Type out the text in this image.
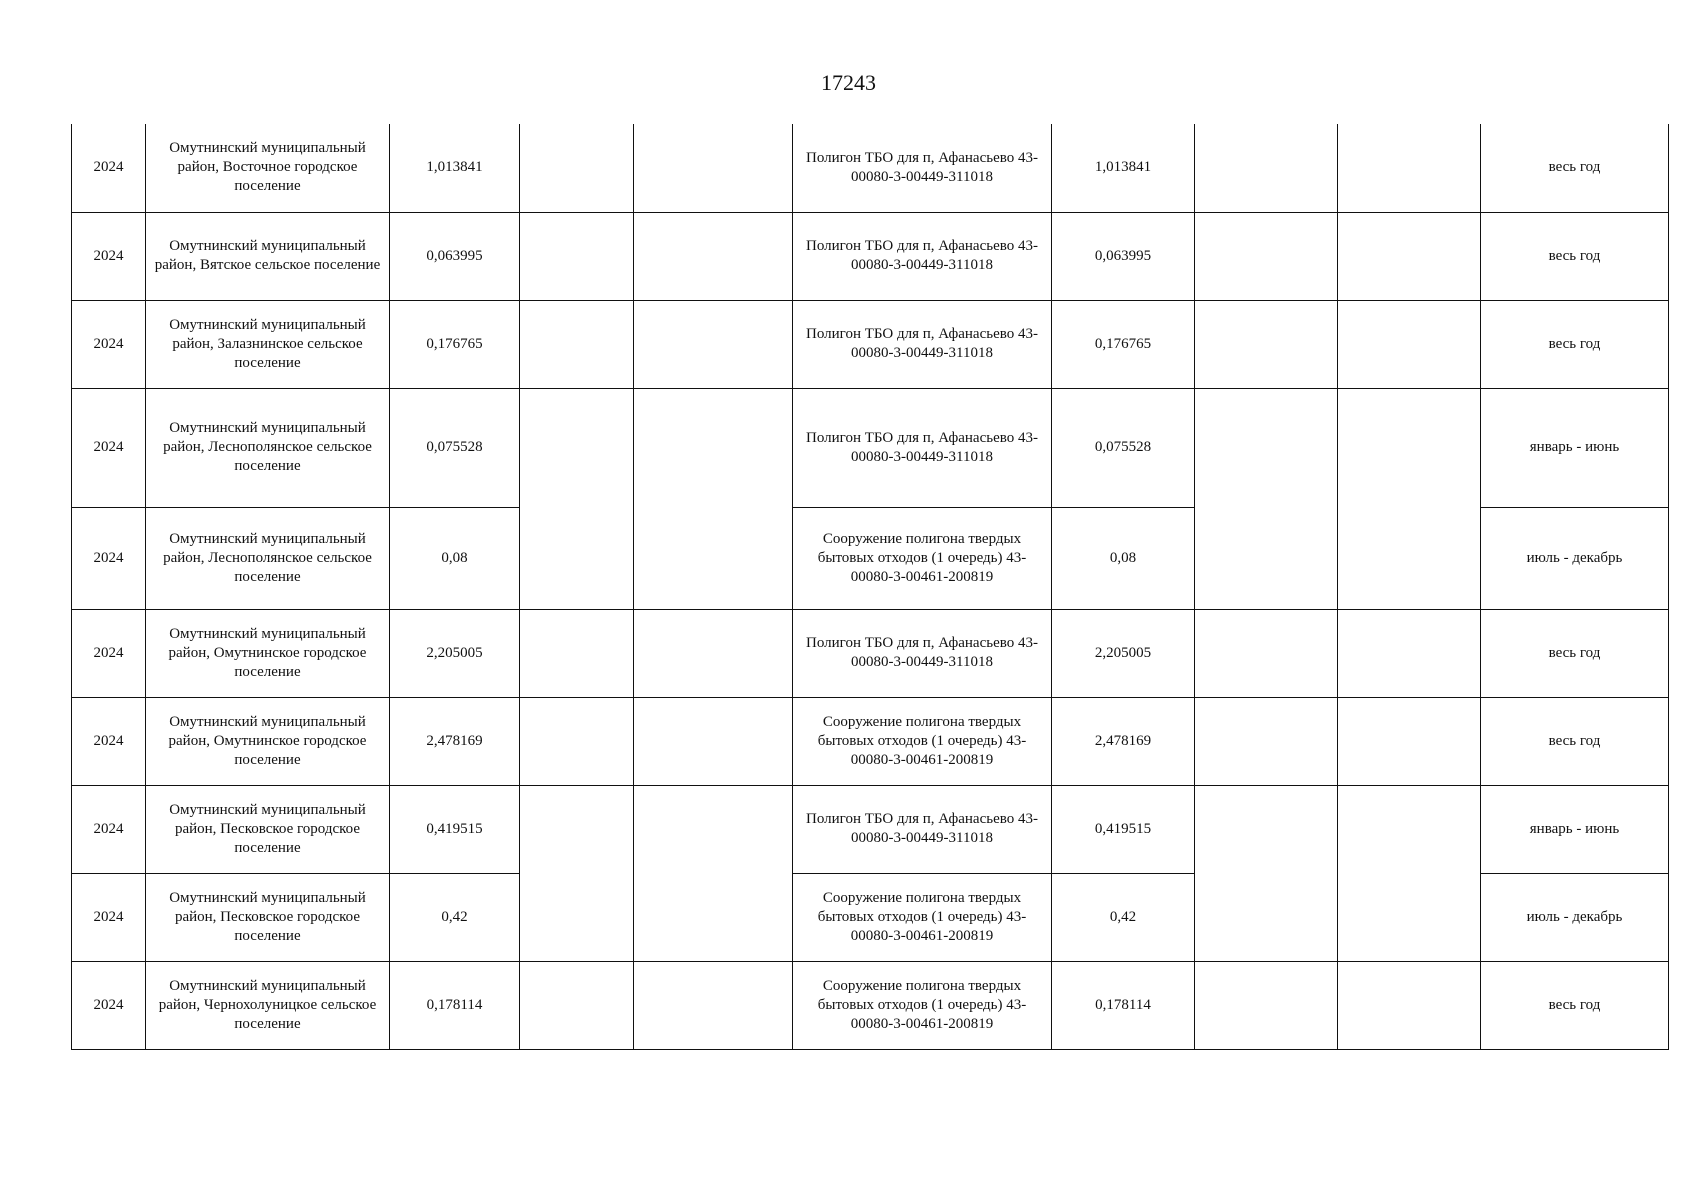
17243
2024	Омутнинский муниципальный район, Восточное городское поселение	1,013841			Полигон ТБО для п, Афанасьево 43-00080-3-00449-311018	1,013841			весь год
2024	Омутнинский муниципальный район, Вятское сельское поселение	0,063995			Полигон ТБО для п, Афанасьево 43-00080-3-00449-311018	0,063995			весь год
2024	Омутнинский муниципальный район, Залазнинское сельское поселение	0,176765			Полигон ТБО для п, Афанасьево 43-00080-3-00449-311018	0,176765			весь год
2024	Омутнинский муниципальный район, Леснополянское сельское поселение	0,075528			Полигон ТБО для п, Афанасьево 43-00080-3-00449-311018	0,075528			январь - июнь
2024	Омутнинский муниципальный район, Леснополянское сельское поселение	0,08			Сооружение полигона твердых бытовых отходов (1 очередь) 43-00080-3-00461-200819	0,08			июль - декабрь
2024	Омутнинский муниципальный район, Омутнинское городское поселение	2,205005			Полигон ТБО для п, Афанасьево 43-00080-3-00449-311018	2,205005			весь год
2024	Омутнинский муниципальный район, Омутнинское городское поселение	2,478169			Сооружение полигона твердых бытовых отходов (1 очередь) 43-00080-3-00461-200819	2,478169			весь год
2024	Омутнинский муниципальный район, Песковское городское поселение	0,419515			Полигон ТБО для п, Афанасьево 43-00080-3-00449-311018	0,419515			январь - июнь
2024	Омутнинский муниципальный район, Песковское городское поселение	0,42			Сооружение полигона твердых бытовых отходов (1 очередь) 43-00080-3-00461-200819	0,42			июль - декабрь
2024	Омутнинский муниципальный район, Чернохолуницкое сельское поселение	0,178114			Сооружение полигона твердых бытовых отходов (1 очередь) 43-00080-3-00461-200819	0,178114			весь год
